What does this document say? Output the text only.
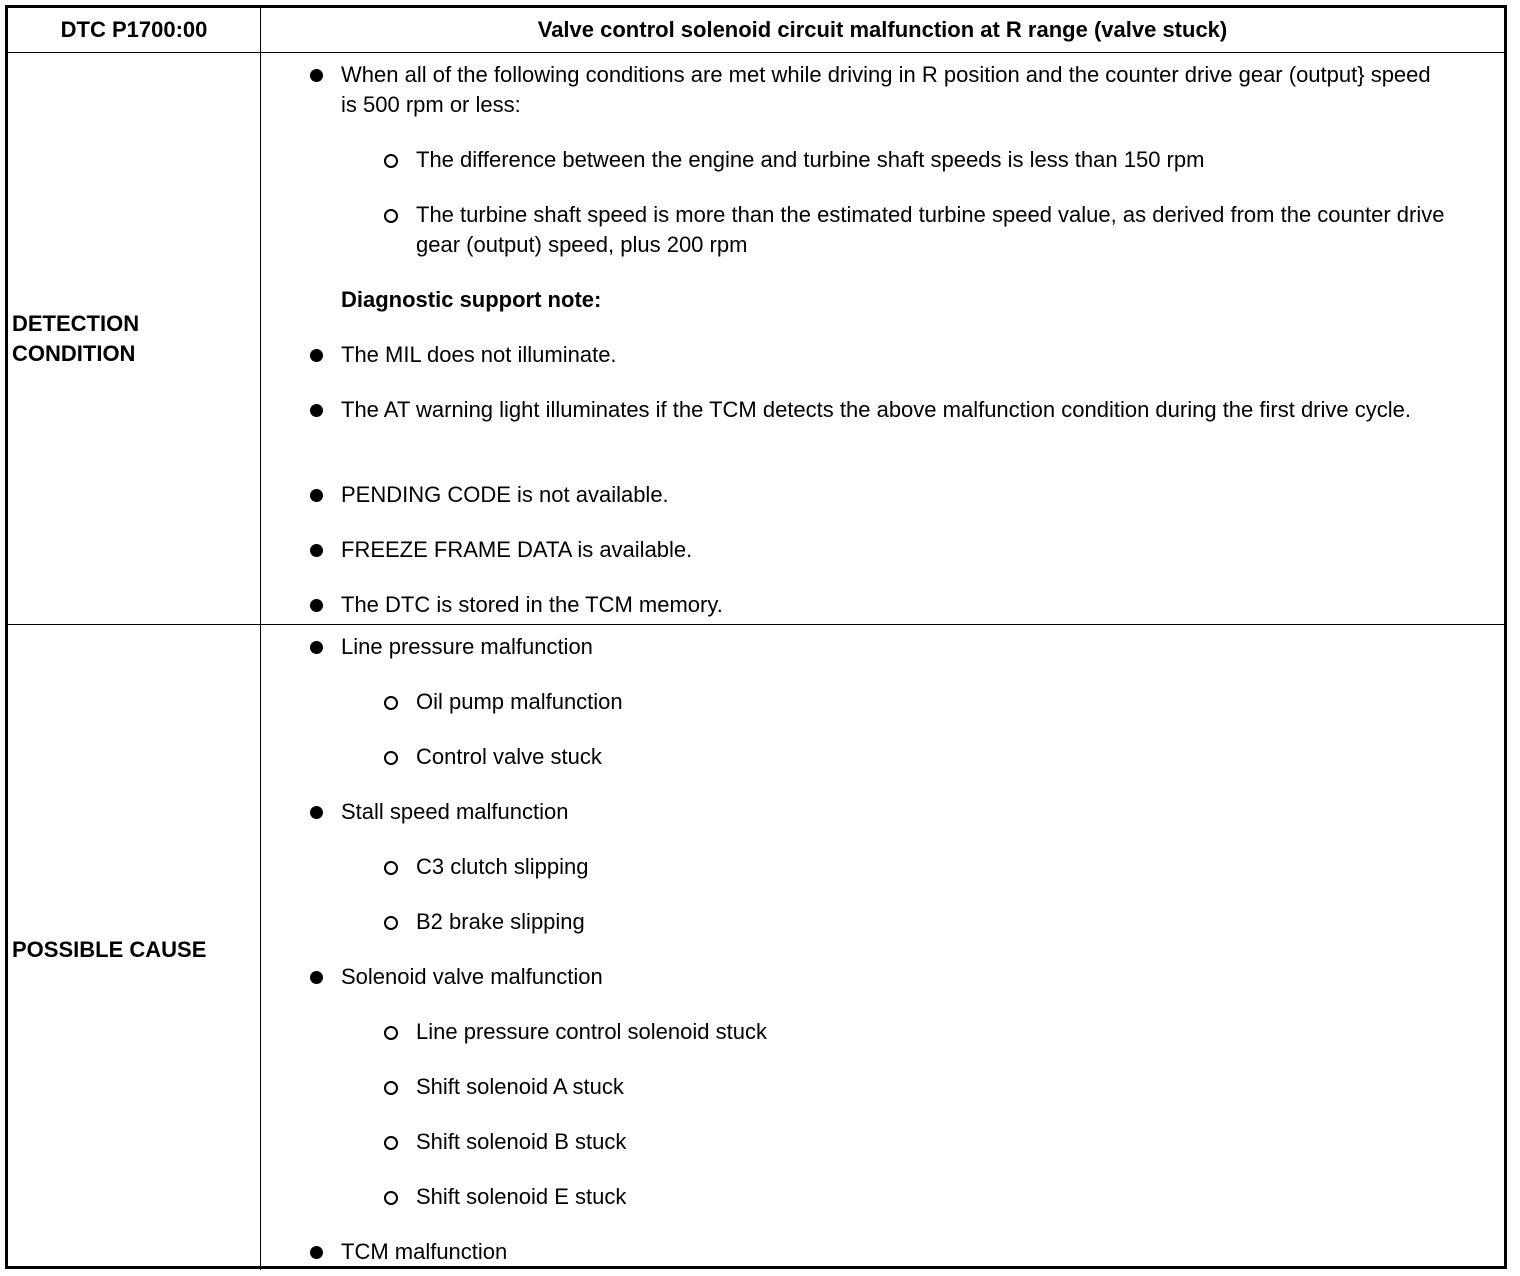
DTC P1700:00	Valve control solenoid circuit malfunction at R range (valve stuck)
DETECTION
CONDITION
When all of the following conditions are met while driving in R position and the counter drive gear (output} speed is 500 rpm or less:
The difference between the engine and turbine shaft speeds is less than 150 rpm
The turbine shaft speed is more than the estimated turbine speed value, as derived from the counter drive gear (output) speed, plus 200 rpm
Diagnostic support note:
The MIL does not illuminate.
The AT warning light illuminates if the TCM detects the above malfunction condition during the first drive cycle.
PENDING CODE is not available.
FREEZE FRAME DATA is available.
The DTC is stored in the TCM memory.
POSSIBLE CAUSE
Line pressure malfunction
Oil pump malfunction
Control valve stuck
Stall speed malfunction
C3 clutch slipping
B2 brake slipping
Solenoid valve malfunction
Line pressure control solenoid stuck
Shift solenoid A stuck
Shift solenoid B stuck
Shift solenoid E stuck
TCM malfunction
